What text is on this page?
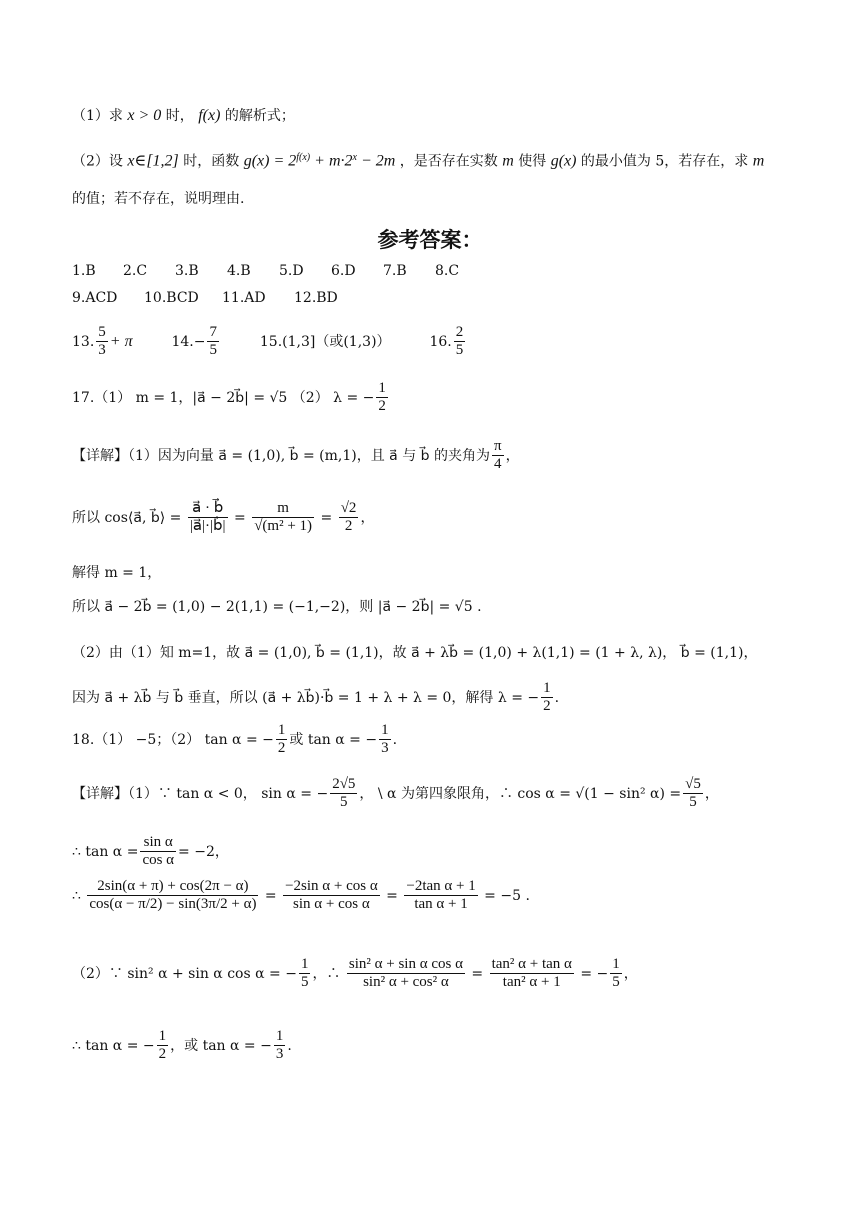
（1）求 x > 0 时， f(x) 的解析式；
（2）设 x∈[1,2] 时，函数 $g(x) = 2^{f(x)} + m\cdot 2^x - 2m$ ，是否存在实数 m 使得 g(x) 的最小值为 5，若存在，求 m
的值；若不存在，说明理由.
参考答案：
1.B 2.C 3.B 4.B 5.D 6.D 7.B 8.C
9.ACD 10.BCD 11.AD 12.BD
13. $\frac{5}{3} + \pi$	$14.- \frac{7}{5}$	15.(1,3]（或(1,3)）	16. $\frac{2}{5}$
17.（1） m = 1，|a⃗ − 2b⃗| = √5 （2） λ = − $\frac{1}{2}$
【详解】（1）因为向量 a⃗ = (1,0), b⃗ = (m,1)，且 a⃗ 与 b⃗ 的夹角为 $\frac{\pi}{4}$ ，
所以 cos⟨a⃗, b⃗⟩ = $\frac{a⃗ \cdot b⃗}{|a⃗|\cdot|b⃗|} = \frac{m}{\text{√(m² + 1)}} = \frac{√2}{2}$ ，
解得 m = 1，
所以 a⃗ − 2b⃗ = (1,0) − 2(1,1) = (−1,−2)，则 |a⃗ − 2b⃗| = √5 .
（2）由（1）知 m=1，故 a⃗ = (1,0), b⃗ = (1,1)，故 a⃗ + λb⃗ = (1,0) + λ(1,1) = (1 + λ, λ)， b⃗ = (1,1)，
因为 a⃗ + λb⃗ 与 b⃗ 垂直，所以 (a⃗ + λb⃗)·b⃗ = 1 + λ + λ = 0，解得 λ = − $\frac{1}{2}$ .
18.（1） −5；（2） tan α = − $\frac{1}{2}$ 或 tan α = − $\frac{1}{3}$ .
【详解】（1）∵ tan α < 0， sin α = − $\frac{2√5}{5}$ ， \ α 为第四象限角，∴ cos α = √(1 − sin² $\alpha) = \frac{√5}{5}$ ，
∴ $\tan \alpha = \frac{\text{sin α}}{\text{cos α}} = -2$，
∴ $\frac{2\sin(\alpha + \pi) + \cos(2\pi - \alpha)}{\cos(\alpha - \pi/2) - \sin(3\pi/2 + \alpha)} = \frac{\text{−2sin α + cos α}}{\text{sin α + cos α}} = \frac{\text{−2tan α + 1}}{\text{tan α + 1}} = -5$ .
（2）∵ sin² α + sin α cos α = − $\frac{1}{5}$ ，∴ $\frac{\text{sin² α + sin α cos α}}{\text{sin² α + cos² α}} = \frac{\text{tan² α + tan α}}{\text{tan² α + 1}}$ = − $\frac{1}{5}$ ，
∴ tan α = − $\frac{1}{2}$ ，或 tan α = − $\frac{1}{3}$ .
